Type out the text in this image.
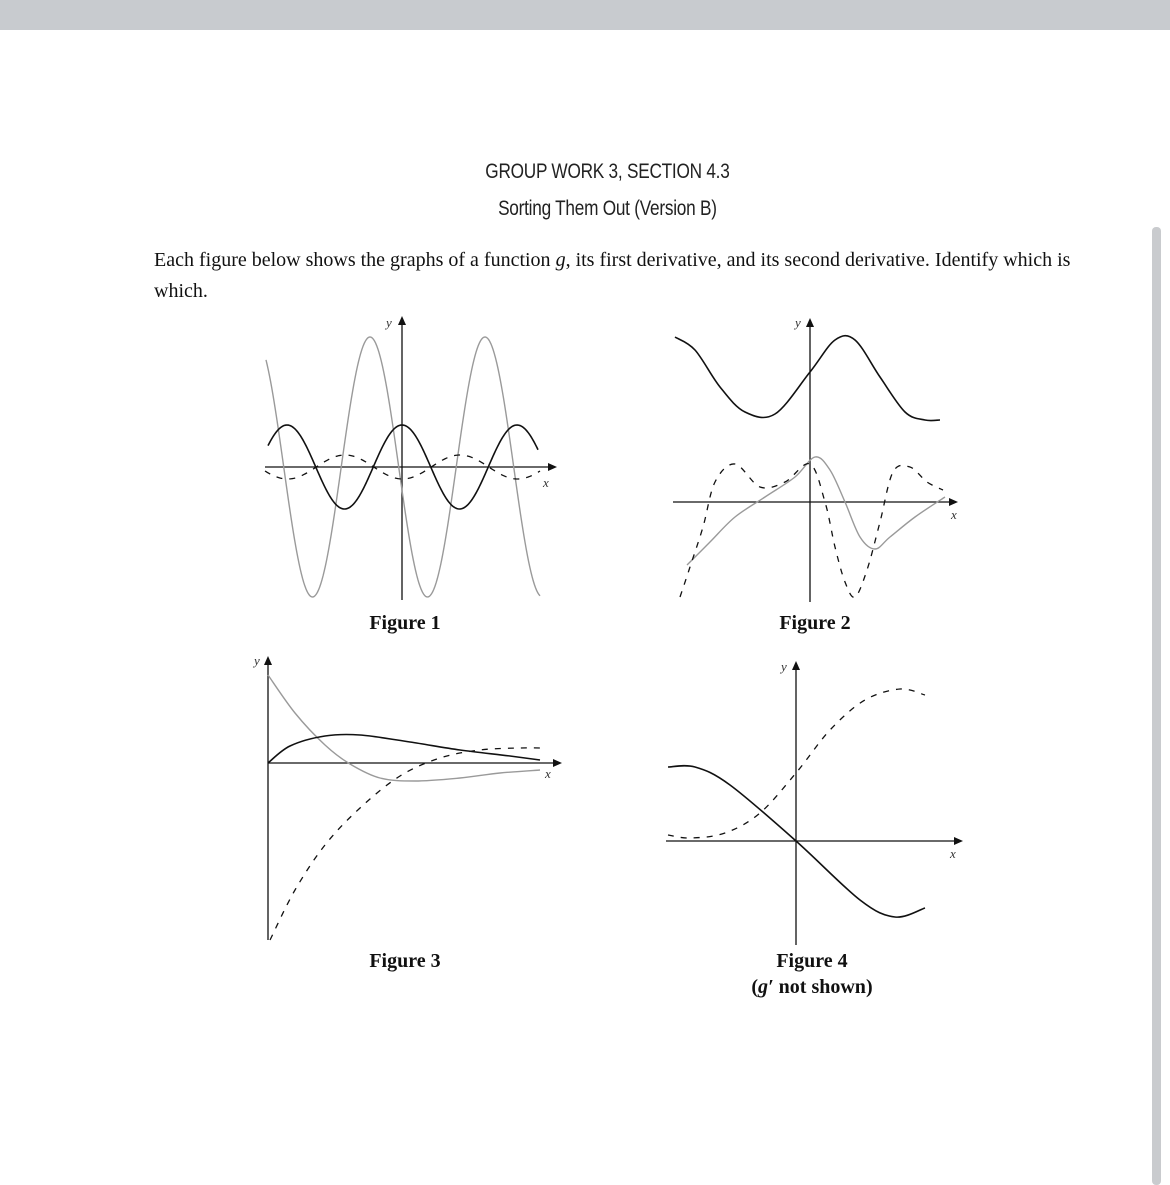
GROUP WORK 3, SECTION 4.3
Sorting Them Out (Version B)
Each figure below shows the graphs of a function g, its first derivative, and its second derivative. Identify which is which.
y
x
Figure 1
y
x
Figure 2
y
x
Figure 3
y
x
Figure 4
(g′ not shown)
